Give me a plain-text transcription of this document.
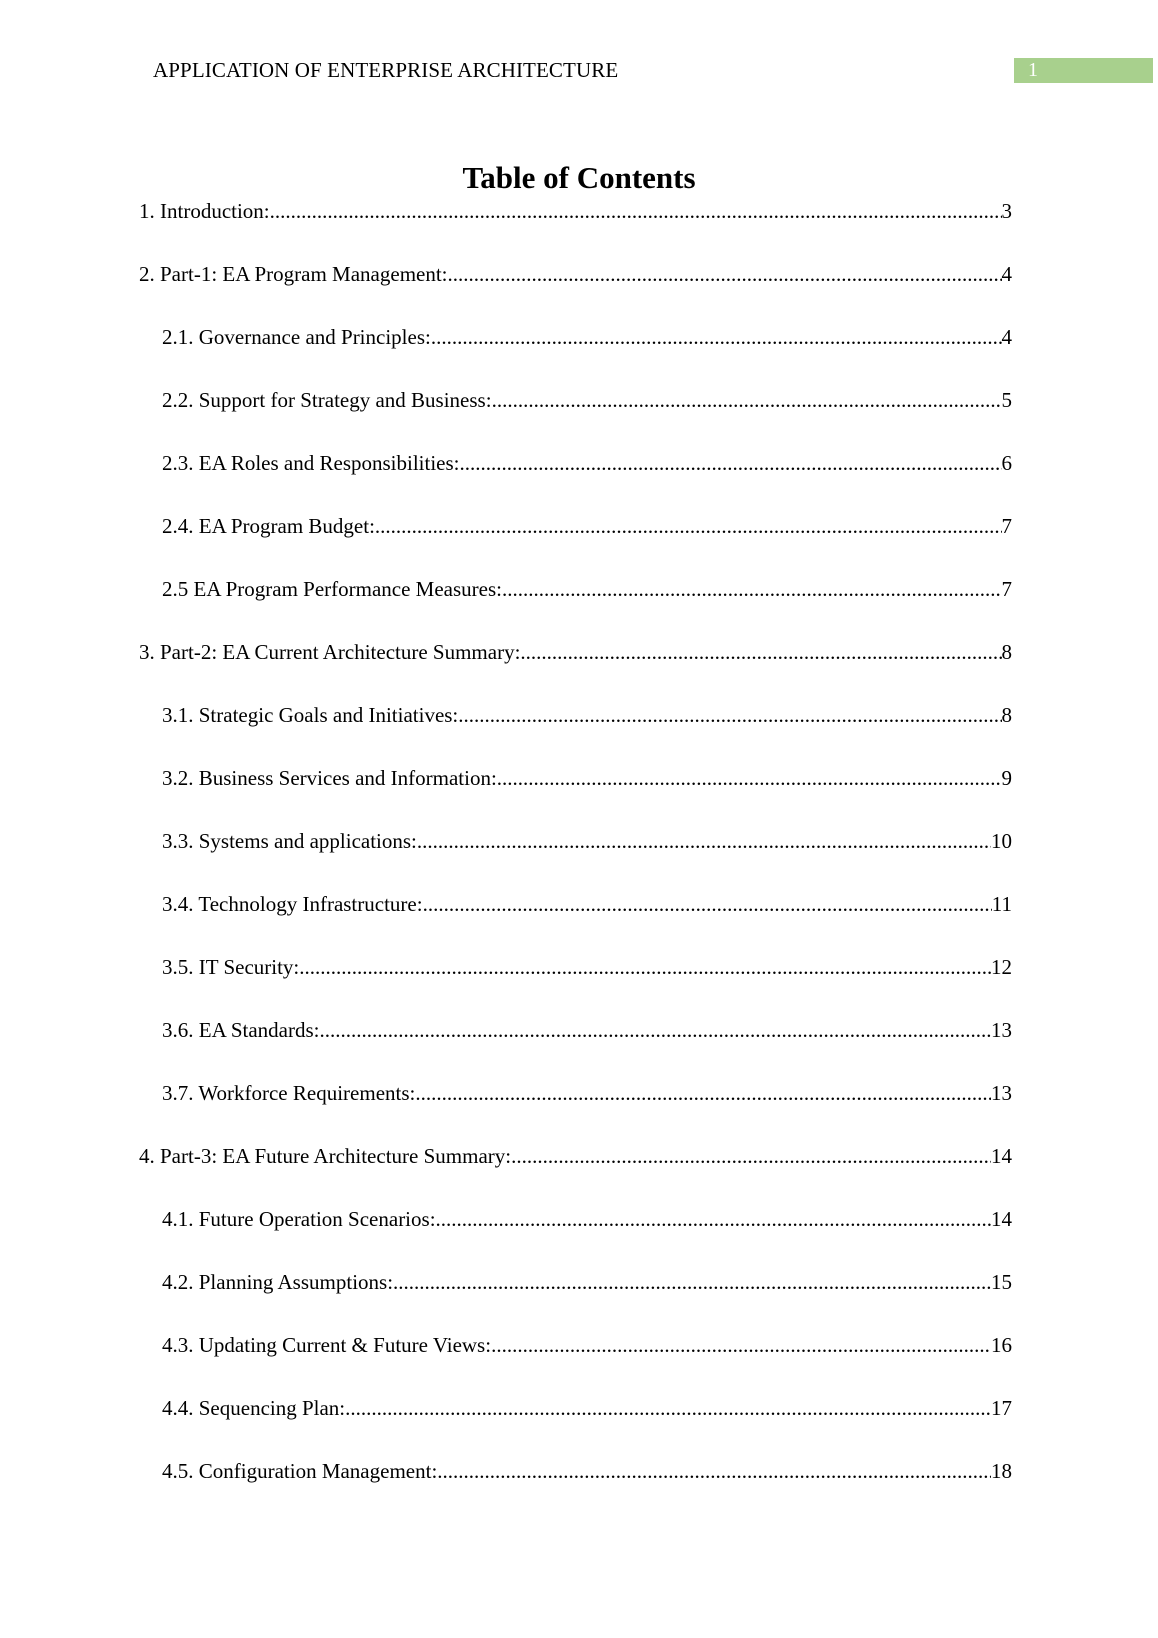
APPLICATION OF ENTERPRISE ARCHITECTURE	1
Table of Contents
1. Introduction: .....	3
2. Part-1: EA Program Management: .....	4
2.1. Governance and Principles: .....	4
2.2. Support for Strategy and Business: .....	5
2.3. EA Roles and Responsibilities: .....	6
2.4. EA Program Budget: .....	7
2.5 EA Program Performance Measures: .....	7
3. Part-2: EA Current Architecture Summary: .....	8
3.1. Strategic Goals and Initiatives: .....	8
3.2. Business Services and Information: .....	9
3.3. Systems and applications: .....	10
3.4. Technology Infrastructure: .....	11
3.5. IT Security: .....	12
3.6. EA Standards: .....	13
3.7. Workforce Requirements: .....	13
4. Part-3: EA Future Architecture Summary: .....	14
4.1. Future Operation Scenarios: .....	14
4.2. Planning Assumptions: .....	15
4.3. Updating Current & Future Views: .....	16
4.4. Sequencing Plan: .....	17
4.5. Configuration Management: .....	18
